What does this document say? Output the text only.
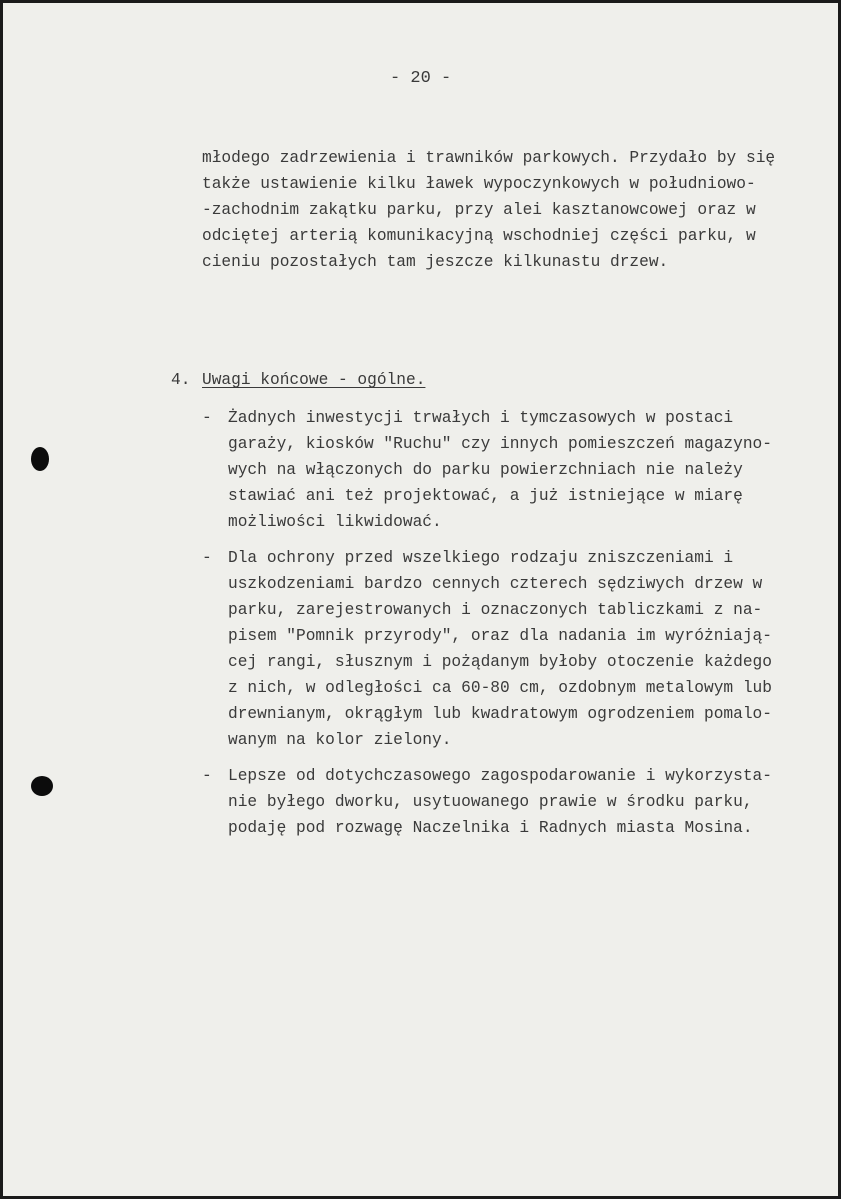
- 20 -
młodego zadrzewienia i trawników parkowych. Przydało by się
także ustawienie kilku ławek wypoczynkowych w południowo-
-zachodnim zakątku parku, przy alei kasztanowcowej oraz w
odciętej arterią komunikacyjną wschodniej części parku, w
cieniu pozostałych tam jeszcze kilkunastu drzew.
4. Uwagi końcowe - ogólne.
- Żadnych inwestycji trwałych i tymczasowych w postaci
garaży, kiosków "Ruchu" czy innych pomieszczeń magazyno-
wych na włączonych do parku powierzchniach nie należy
stawiać ani też projektować, a już istniejące w miarę
możliwości likwidować.
- Dla ochrony przed wszelkiego rodzaju zniszczeniami i
uszkodzeniami bardzo cennych czterech sędziwych drzew w
parku, zarejestrowanych i oznaczonych tabliczkami z na-
pisem "Pomnik przyrody", oraz dla nadania im wyróżniają-
cej rangi, słusznym i pożądanym byłoby otoczenie każdego
z nich, w odległości ca 60-80 cm, ozdobnym metalowym lub
drewnianym, okrągłym lub kwadratowym ogrodzeniem pomalo-
wanym na kolor zielony.
- Lepsze od dotychczasowego zagospodarowanie i wykorzysta-
nie byłego dworku, usytuowanego prawie w środku parku,
podaję pod rozwagę Naczelnika i Radnych miasta Mosina.
